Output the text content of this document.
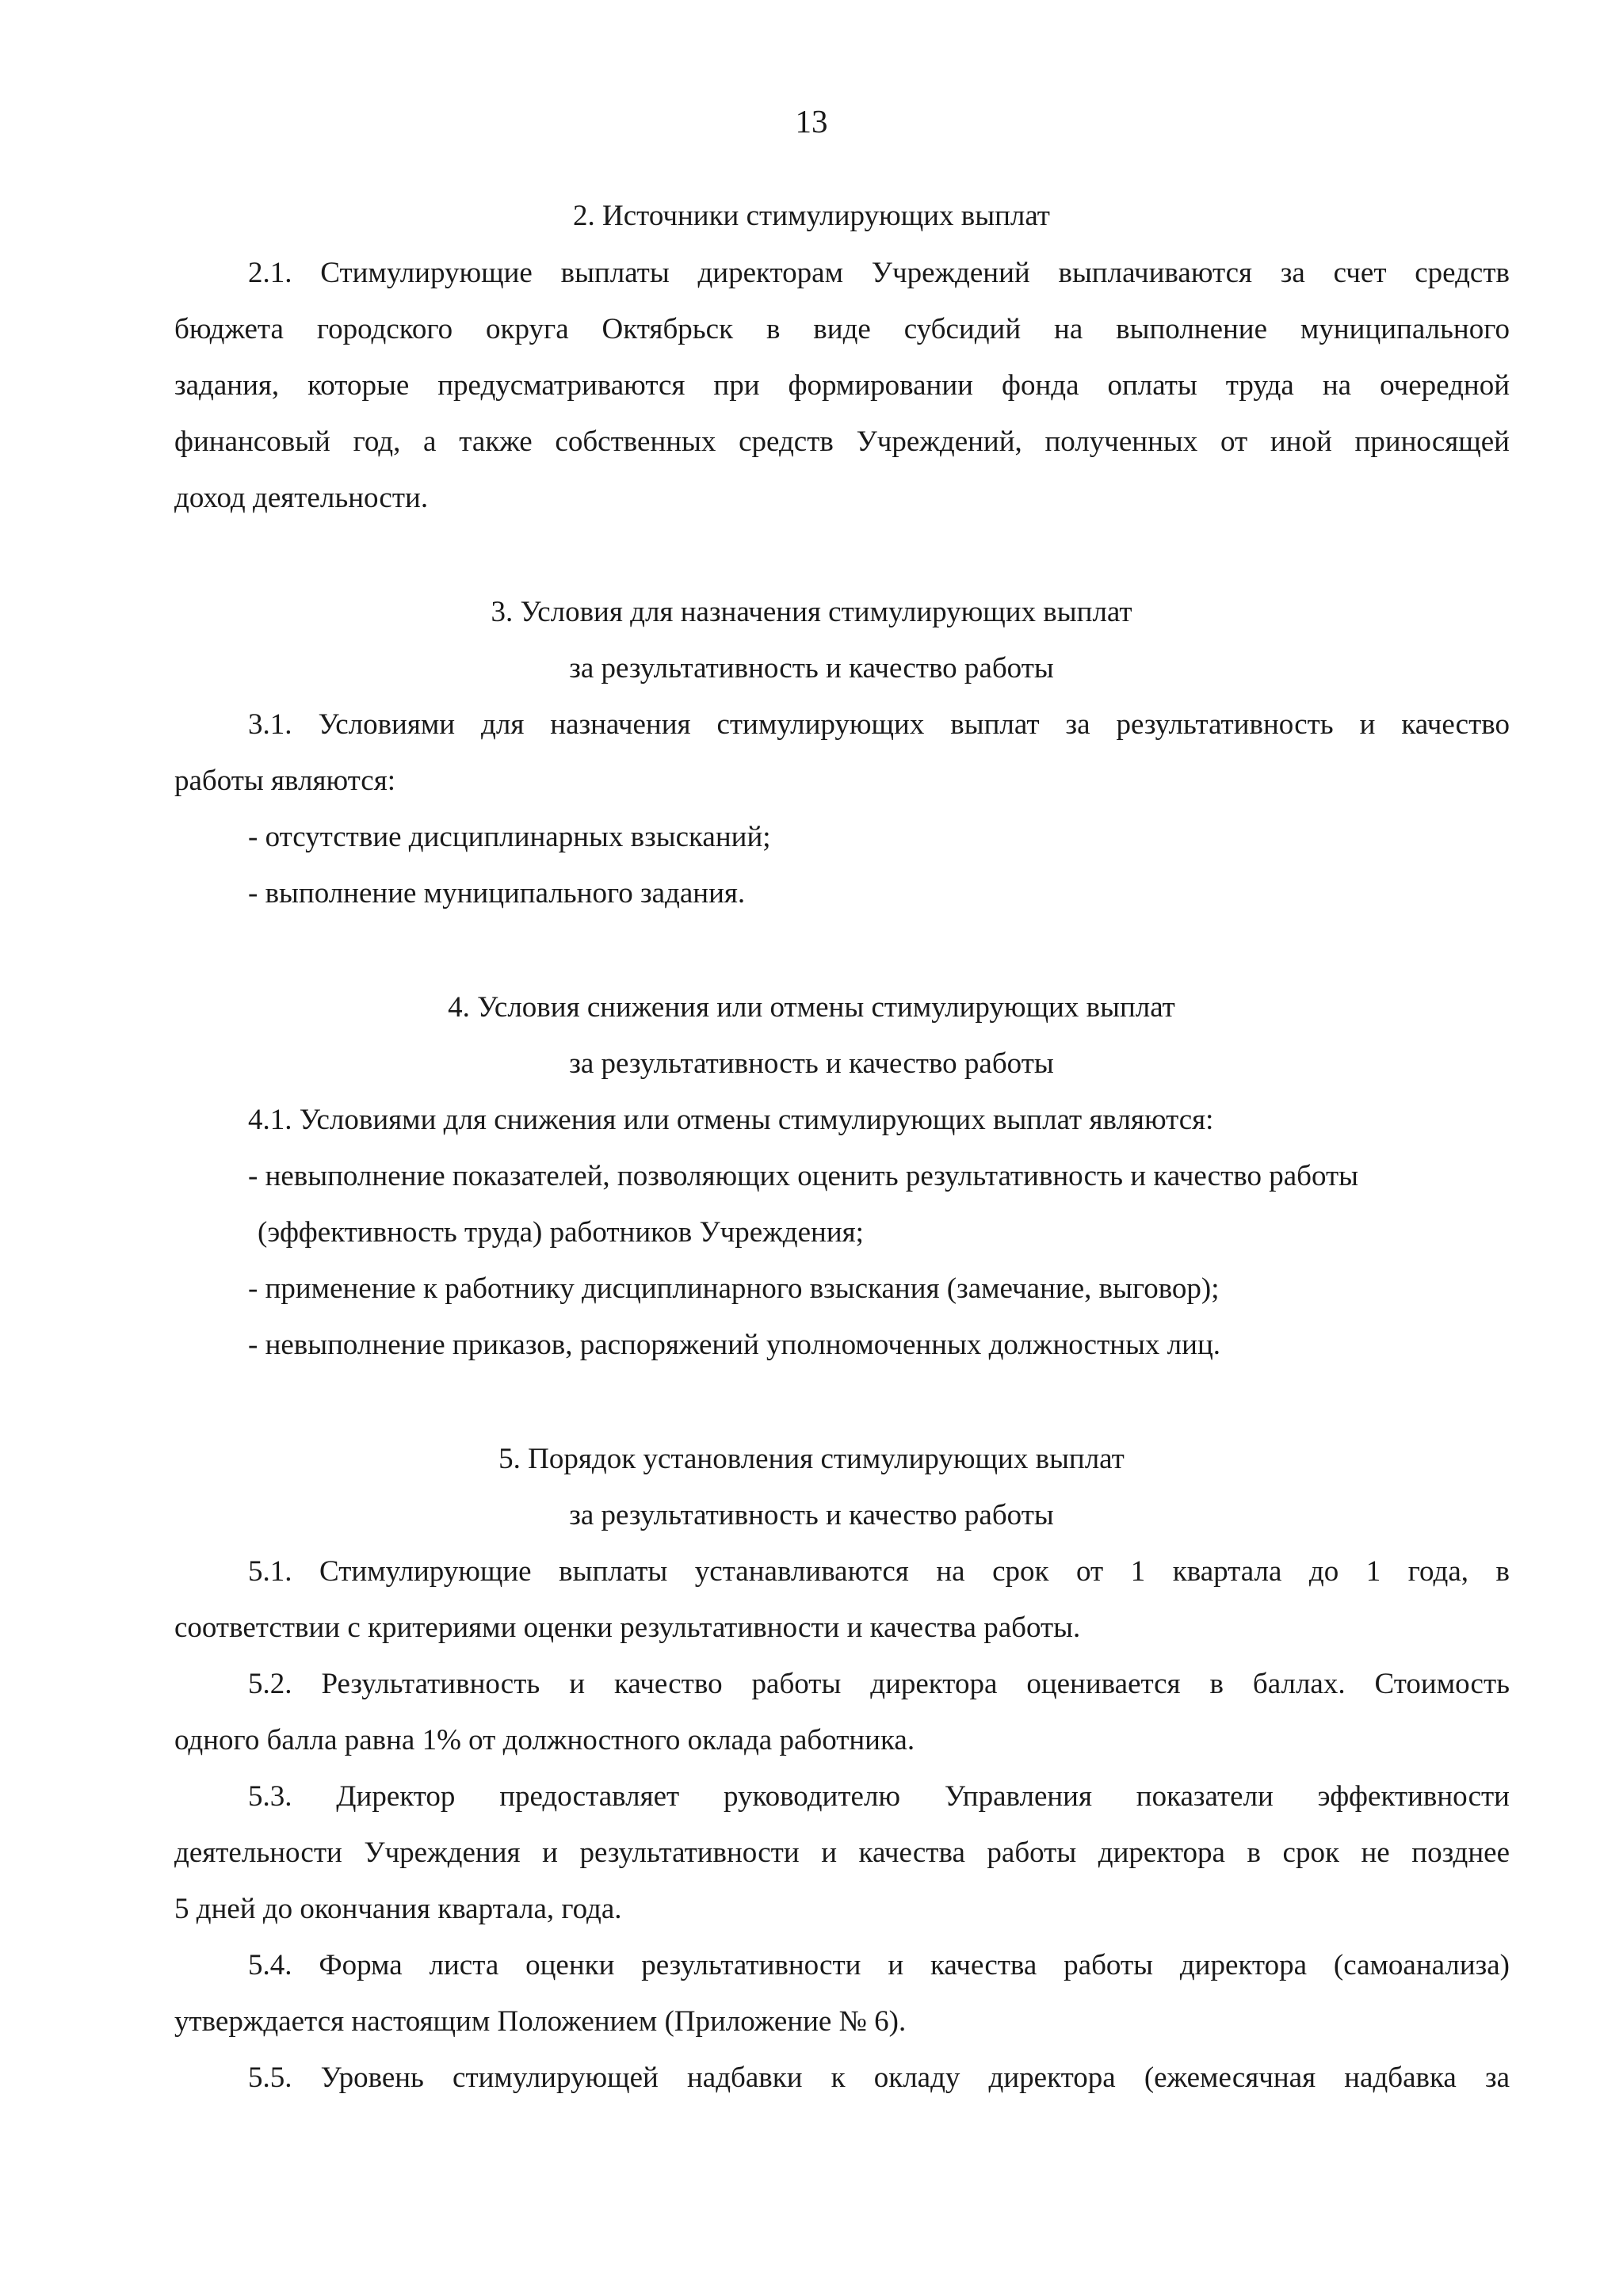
13
2. Источники стимулирующих выплат
2.1. Стимулирующие выплаты директорам Учреждений выплачиваются за счет средств
бюджета городского округа Октябрьск в виде субсидий на выполнение муниципального
задания, которые предусматриваются при формировании фонда оплаты труда на очередной
финансовый год, а также собственных средств Учреждений, полученных от иной приносящей
доход деятельности.
3. Условия для назначения стимулирующих выплат
за результативность и качество работы
3.1. Условиями для назначения стимулирующих выплат за результативность и качество
работы являются:
- отсутствие дисциплинарных взысканий;
- выполнение муниципального задания.
4. Условия снижения или отмены стимулирующих выплат
за результативность и качество работы
4.1. Условиями для снижения или отмены стимулирующих выплат являются:
- невыполнение показателей, позволяющих оценить результативность и качество работы
(эффективность труда) работников Учреждения;
- применение к работнику дисциплинарного взыскания (замечание, выговор);
- невыполнение приказов, распоряжений уполномоченных должностных лиц.
5. Порядок установления стимулирующих выплат
за результативность и качество работы
5.1. Стимулирующие выплаты устанавливаются на срок от 1 квартала до 1 года, в
соответствии с критериями оценки результативности и качества работы.
5.2. Результативность и качество работы директора оценивается в баллах. Стоимость
одного балла равна 1% от должностного оклада работника.
5.3. Директор предоставляет руководителю Управления показатели эффективности
деятельности Учреждения и результативности и качества работы директора в срок не позднее
5 дней до окончания квартала, года.
5.4. Форма листа оценки результативности и качества работы директора (самоанализа)
утверждается настоящим Положением (Приложение № 6).
5.5. Уровень стимулирующей надбавки к окладу директора (ежемесячная надбавка за
